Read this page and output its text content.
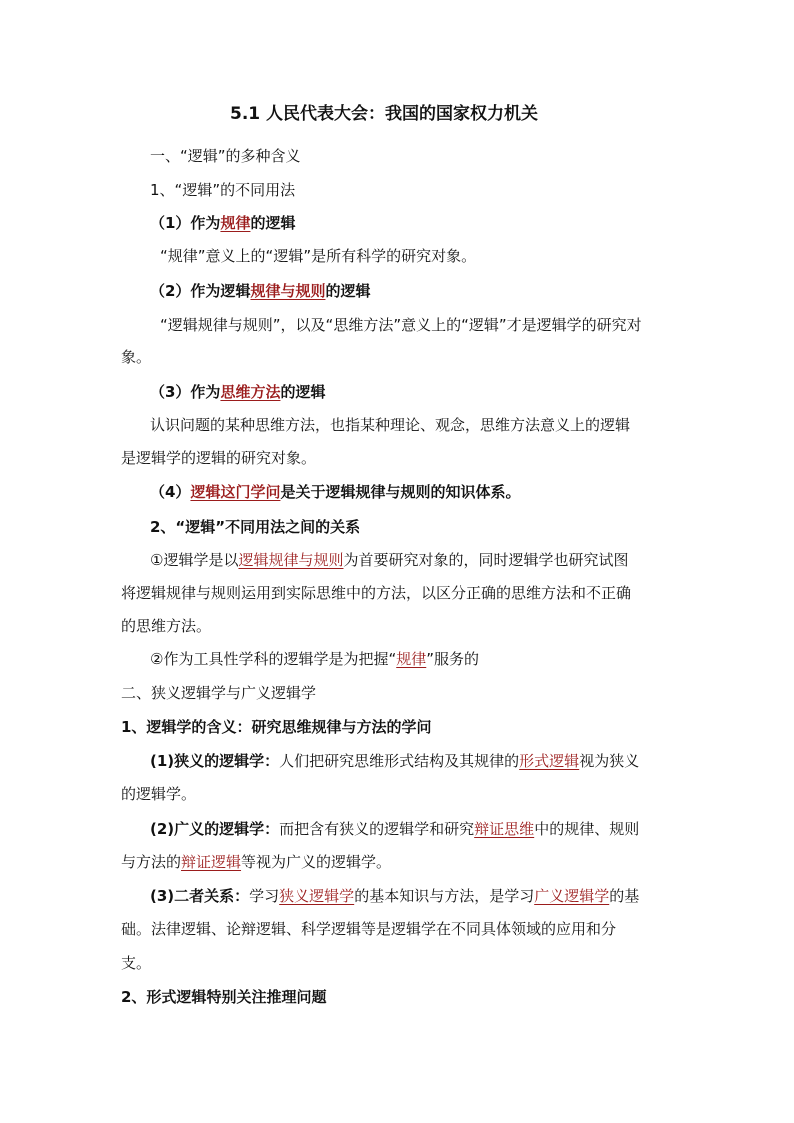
5.1 人民代表大会：我国的国家权力机关
一、“逻辑”的多种含义
1、“逻辑”的不同用法
（1）作为规律的逻辑
“规律”意义上的“逻辑”是所有科学的研究对象。
（2）作为逻辑规律与规则的逻辑
“逻辑规律与规则”，以及“思维方法”意义上的“逻辑”才是逻辑学的研究对
象。
（3）作为思维方法的逻辑
认识问题的某种思维方法，也指某种理论、观念，思维方法意义上的逻辑
是逻辑学的逻辑的研究对象。
（4）逻辑这门学问是关于逻辑规律与规则的知识体系。
2、“逻辑”不同用法之间的关系
①逻辑学是以逻辑规律与规则为首要研究对象的，同时逻辑学也研究试图
将逻辑规律与规则运用到实际思维中的方法，以区分正确的思维方法和不正确
的思维方法。
②作为工具性学科的逻辑学是为把握“规律”服务的
二、狭义逻辑学与广义逻辑学
1、逻辑学的含义：研究思维规律与方法的学问
(1)狭义的逻辑学：人们把研究思维形式结构及其规律的形式逻辑视为狭义
的逻辑学。
(2)广义的逻辑学：而把含有狭义的逻辑学和研究辩证思维中的规律、规则
与方法的辩证逻辑等视为广义的逻辑学。
(3)二者关系：学习狭义逻辑学的基本知识与方法，是学习广义逻辑学的基
础。法律逻辑、论辩逻辑、科学逻辑等是逻辑学在不同具体领域的应用和分
支。
2、形式逻辑特别关注推理问题
